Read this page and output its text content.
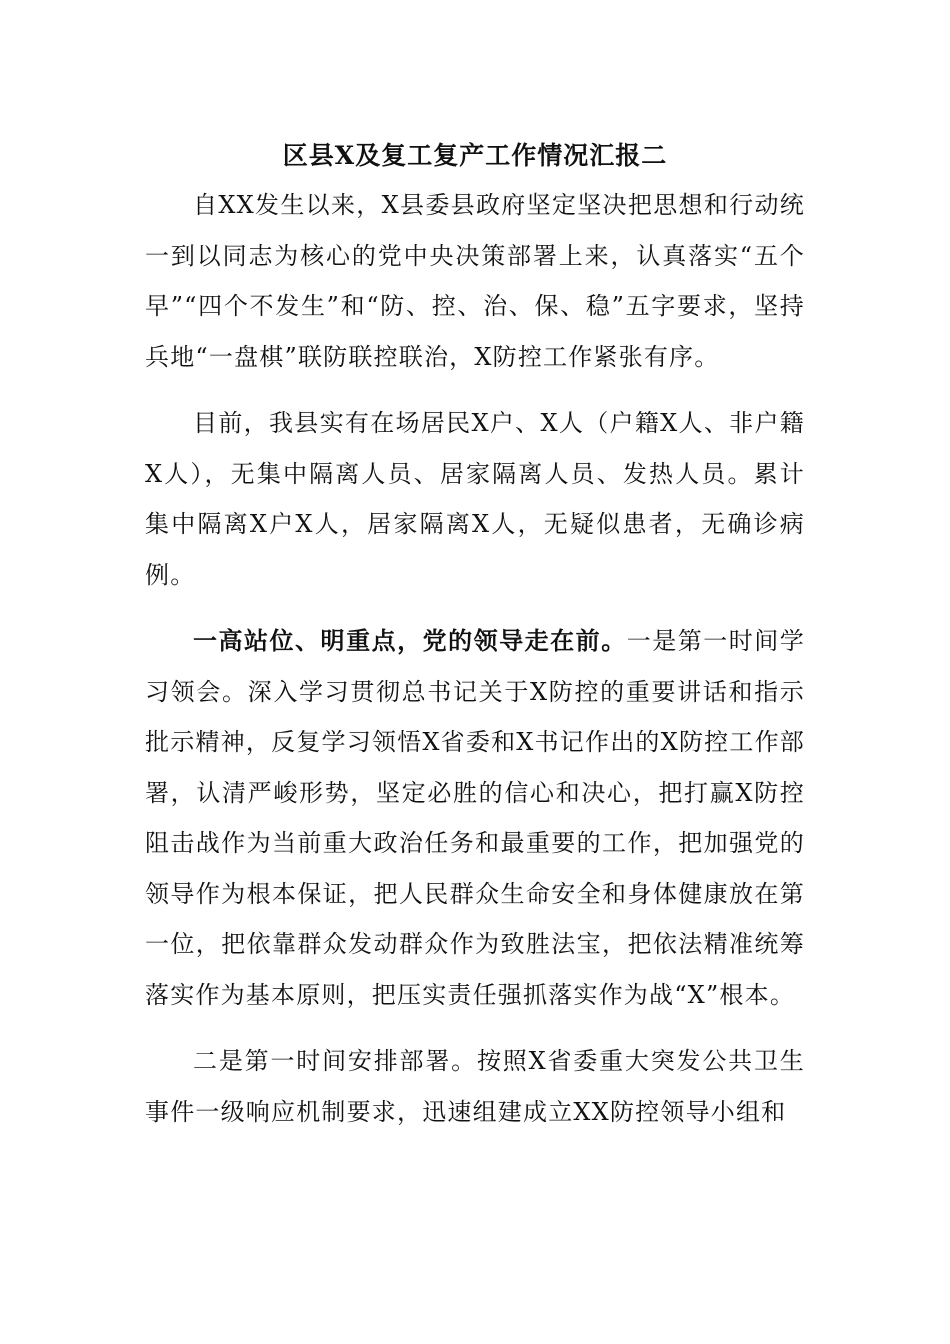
区县X及复工复产工作情况汇报二

自XX发生以来，X县委县政府坚定坚决把思想和行动统一到以同志为核心的党中央决策部署上来，认真落实“五个早”“四个不发生”和“防、控、治、保、稳”五字要求，坚持兵地“一盘棋”联防联控联治，X防控工作紧张有序。

目前，我县实有在场居民X户、X人（户籍X人、非户籍X人），无集中隔离人员、居家隔离人员、发热人员。累计集中隔离X户X人，居家隔离X人，无疑似患者，无确诊病例。

一高站位、明重点，党的领导走在前。一是第一时间学习领会。深入学习贯彻总书记关于X防控的重要讲话和指示批示精神，反复学习领悟X省委和X书记作出的X防控工作部署，认清严峻形势，坚定必胜的信心和决心，把打赢X防控阻击战作为当前重大政治任务和最重要的工作，把加强党的领导作为根本保证，把人民群众生命安全和身体健康放在第一位，把依靠群众发动群众作为致胜法宝，把依法精准统筹落实作为基本原则，把压实责任强抓落实作为战“X”根本。

二是第一时间安排部署。按照X省委重大突发公共卫生事件一级响应机制要求，迅速组建成立XX防控领导小组和
